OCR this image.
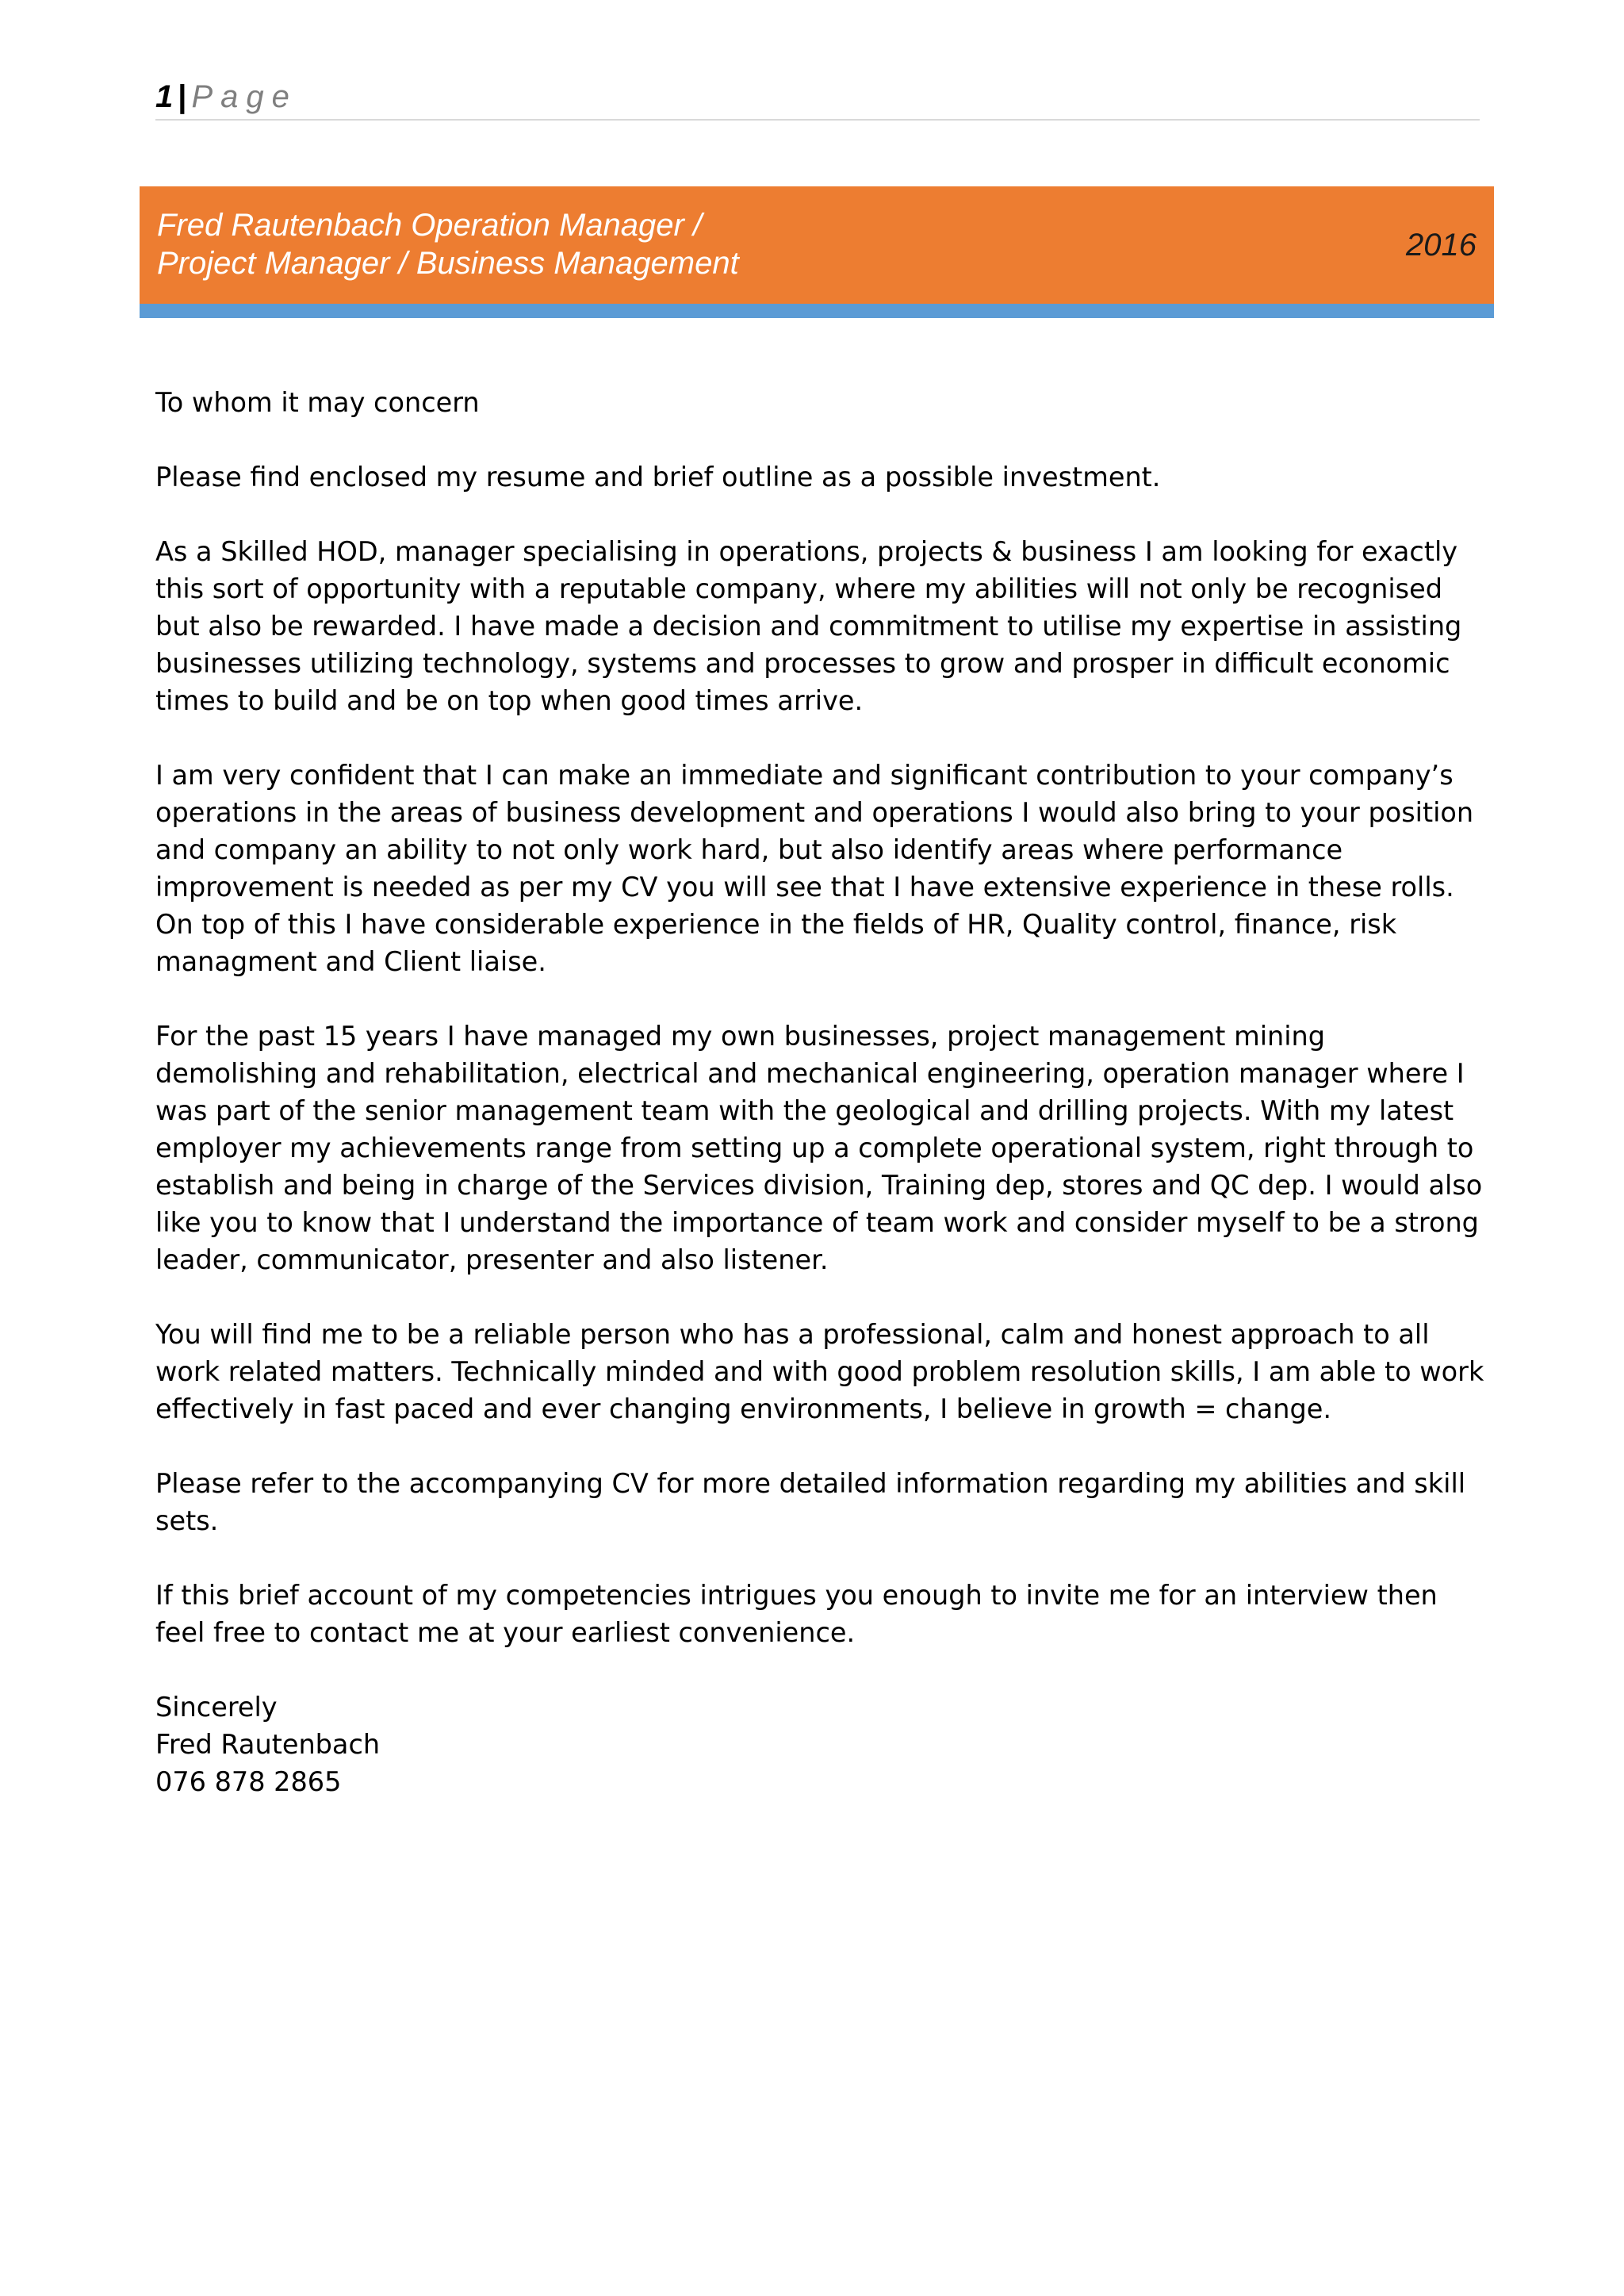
1 | Page
Fred Rautenbach Operation Manager /
Project Manager / Business Management
2016

To whom it may concern

Please find enclosed my resume and brief outline as a possible investment.

As a Skilled HOD, manager specialising in operations, projects & business I am looking for exactly this sort of opportunity with a reputable company, where my abilities will not only be recognised but also be rewarded. I have made a decision and commitment to utilise my expertise in assisting businesses utilizing technology, systems and processes to grow and prosper in difficult economic times to build and be on top when good times arrive.

I am very confident that I can make an immediate and significant contribution to your company’s operations in the areas of business development and operations I would also bring to your position and company an ability to not only work hard, but also identify areas where performance improvement is needed as per my CV you will see that I have extensive experience in these rolls. On top of this I have considerable experience in the fields of HR, Quality control, finance, risk managment and Client liaise.

For the past 15 years I have managed my own businesses, project management mining demolishing and rehabilitation, electrical and mechanical engineering, operation manager where I was part of the senior management team with the geological and drilling projects. With my latest employer my achievements range from setting up a complete operational system, right through to establish and being in charge of the Services division, Training dep, stores and QC dep. I would also like you to know that I understand the importance of team work and consider myself to be a strong leader, communicator, presenter and also listener.

You will find me to be a reliable person who has a professional, calm and honest approach to all work related matters. Technically minded and with good problem resolution skills, I am able to work effectively in fast paced and ever changing environments, I believe in growth = change.

Please refer to the accompanying CV for more detailed information regarding my abilities and skill sets.

If this brief account of my competencies intrigues you enough to invite me for an interview then feel free to contact me at your earliest convenience.

Sincerely
Fred Rautenbach
076 878 2865
